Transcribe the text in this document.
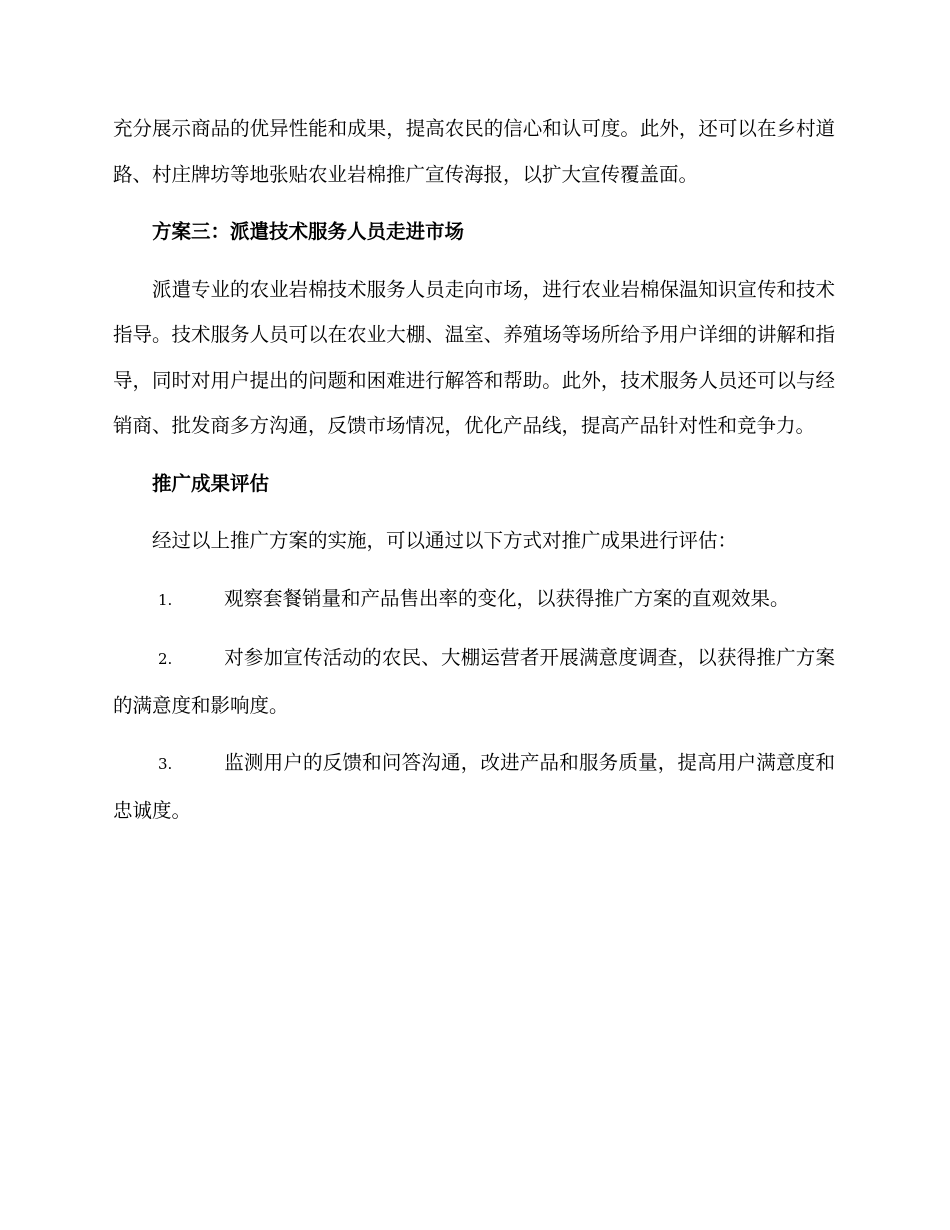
充分展示商品的优异性能和成果，提高农民的信心和认可度。此外，还可以在乡村道路、村庄牌坊等地张贴农业岩棉推广宣传海报，以扩大宣传覆盖面。

方案三：派遣技术服务人员走进市场

派遣专业的农业岩棉技术服务人员走向市场，进行农业岩棉保温知识宣传和技术指导。技术服务人员可以在农业大棚、温室、养殖场等场所给予用户详细的讲解和指导，同时对用户提出的问题和困难进行解答和帮助。此外，技术服务人员还可以与经销商、批发商多方沟通，反馈市场情况，优化产品线，提高产品针对性和竞争力。

推广成果评估

经过以上推广方案的实施，可以通过以下方式对推广成果进行评估：

1.	观察套餐销量和产品售出率的变化，以获得推广方案的直观效果。

2.	对参加宣传活动的农民、大棚运营者开展满意度调查，以获得推广方案的满意度和影响度。

3.	监测用户的反馈和问答沟通，改进产品和服务质量，提高用户满意度和忠诚度。
